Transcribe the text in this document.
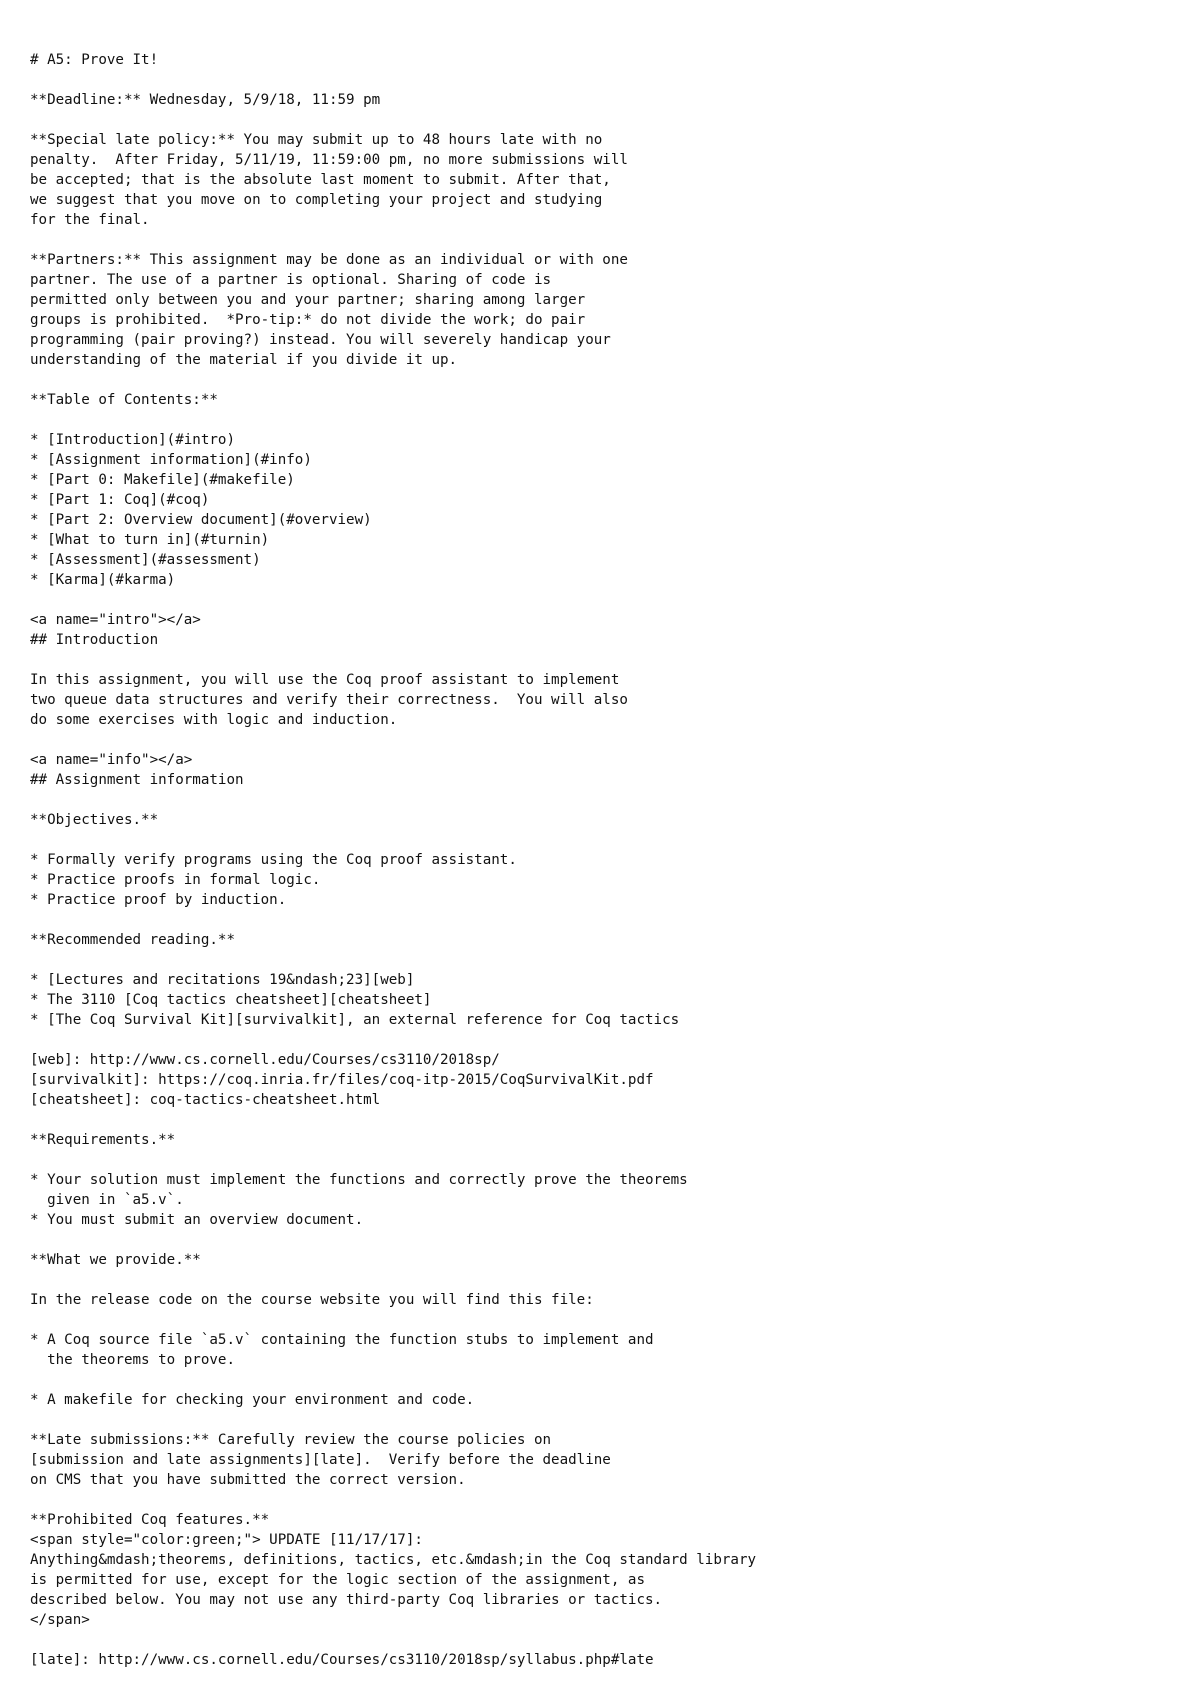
# A5: Prove It!
**Deadline:** Wednesday, 5/9/18, 11:59 pm
**Special late policy:** You may submit up to 48 hours late with no
penalty.  After Friday, 5/11/19, 11:59:00 pm, no more submissions will
be accepted; that is the absolute last moment to submit. After that,
we suggest that you move on to completing your project and studying
for the final.
**Partners:** This assignment may be done as an individual or with one
partner. The use of a partner is optional. Sharing of code is
permitted only between you and your partner; sharing among larger
groups is prohibited.  *Pro-tip:* do not divide the work; do pair
programming (pair proving?) instead. You will severely handicap your
understanding of the material if you divide it up.
**Table of Contents:**
* [Introduction](#intro)
* [Assignment information](#info)
* [Part 0: Makefile](#makefile)
* [Part 1: Coq](#coq)
* [Part 2: Overview document](#overview)
* [What to turn in](#turnin)
* [Assessment](#assessment)
* [Karma](#karma)
<a name="intro"></a>
## Introduction
In this assignment, you will use the Coq proof assistant to implement
two queue data structures and verify their correctness.  You will also
do some exercises with logic and induction.
<a name="info"></a>
## Assignment information
**Objectives.**
* Formally verify programs using the Coq proof assistant.
* Practice proofs in formal logic.
* Practice proof by induction.
**Recommended reading.**
* [Lectures and recitations 19&ndash;23][web]
* The 3110 [Coq tactics cheatsheet][cheatsheet]
* [The Coq Survival Kit][survivalkit], an external reference for Coq tactics
[web]: http://www.cs.cornell.edu/Courses/cs3110/2018sp/
[survivalkit]: https://coq.inria.fr/files/coq-itp-2015/CoqSurvivalKit.pdf
[cheatsheet]: coq-tactics-cheatsheet.html
**Requirements.**
* Your solution must implement the functions and correctly prove the theorems
given in `a5.v`.
* You must submit an overview document.
**What we provide.**
In the release code on the course website you will find this file:
* A Coq source file `a5.v` containing the function stubs to implement and
the theorems to prove.
* A makefile for checking your environment and code.
**Late submissions:** Carefully review the course policies on
[submission and late assignments][late].  Verify before the deadline
on CMS that you have submitted the correct version.
**Prohibited Coq features.**
<span style="color:green;"> UPDATE [11/17/17]:
Anything&mdash;theorems, definitions, tactics, etc.&mdash;in the Coq standard library
is permitted for use, except for the logic section of the assignment, as
described below. You may not use any third-party Coq libraries or tactics.
</span>
[late]: http://www.cs.cornell.edu/Courses/cs3110/2018sp/syllabus.php#late
